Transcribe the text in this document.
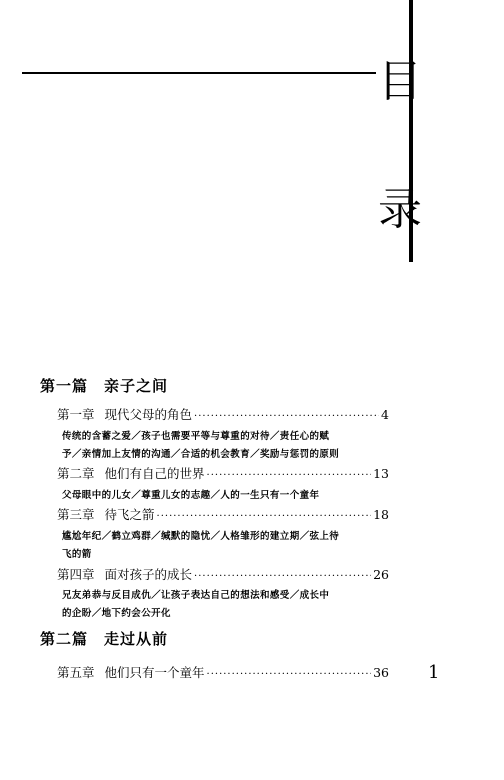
目
录
第一篇　亲子之间
第一章 现代父母的角色 ·····	4
传统的含蓄之爱／孩子也需要平等与尊重的对待／责任心的赋
予／亲情加上友情的沟通／合适的机会教育／奖励与惩罚的原则
第二章 他们有自己的世界 ·····	13
父母眼中的儿女／尊重儿女的志趣／人的一生只有一个童年
第三章 待飞之箭 ·····	18
尴尬年纪／鹤立鸡群／缄默的隐忧／人格雏形的建立期／弦上待
飞的箭
第四章 面对孩子的成长 ·····	26
兄友弟恭与反目成仇／让孩子表达自己的想法和感受／成长中
的企盼／地下约会公开化
第二篇　走过从前
第五章 他们只有一个童年 ·····	36 1
